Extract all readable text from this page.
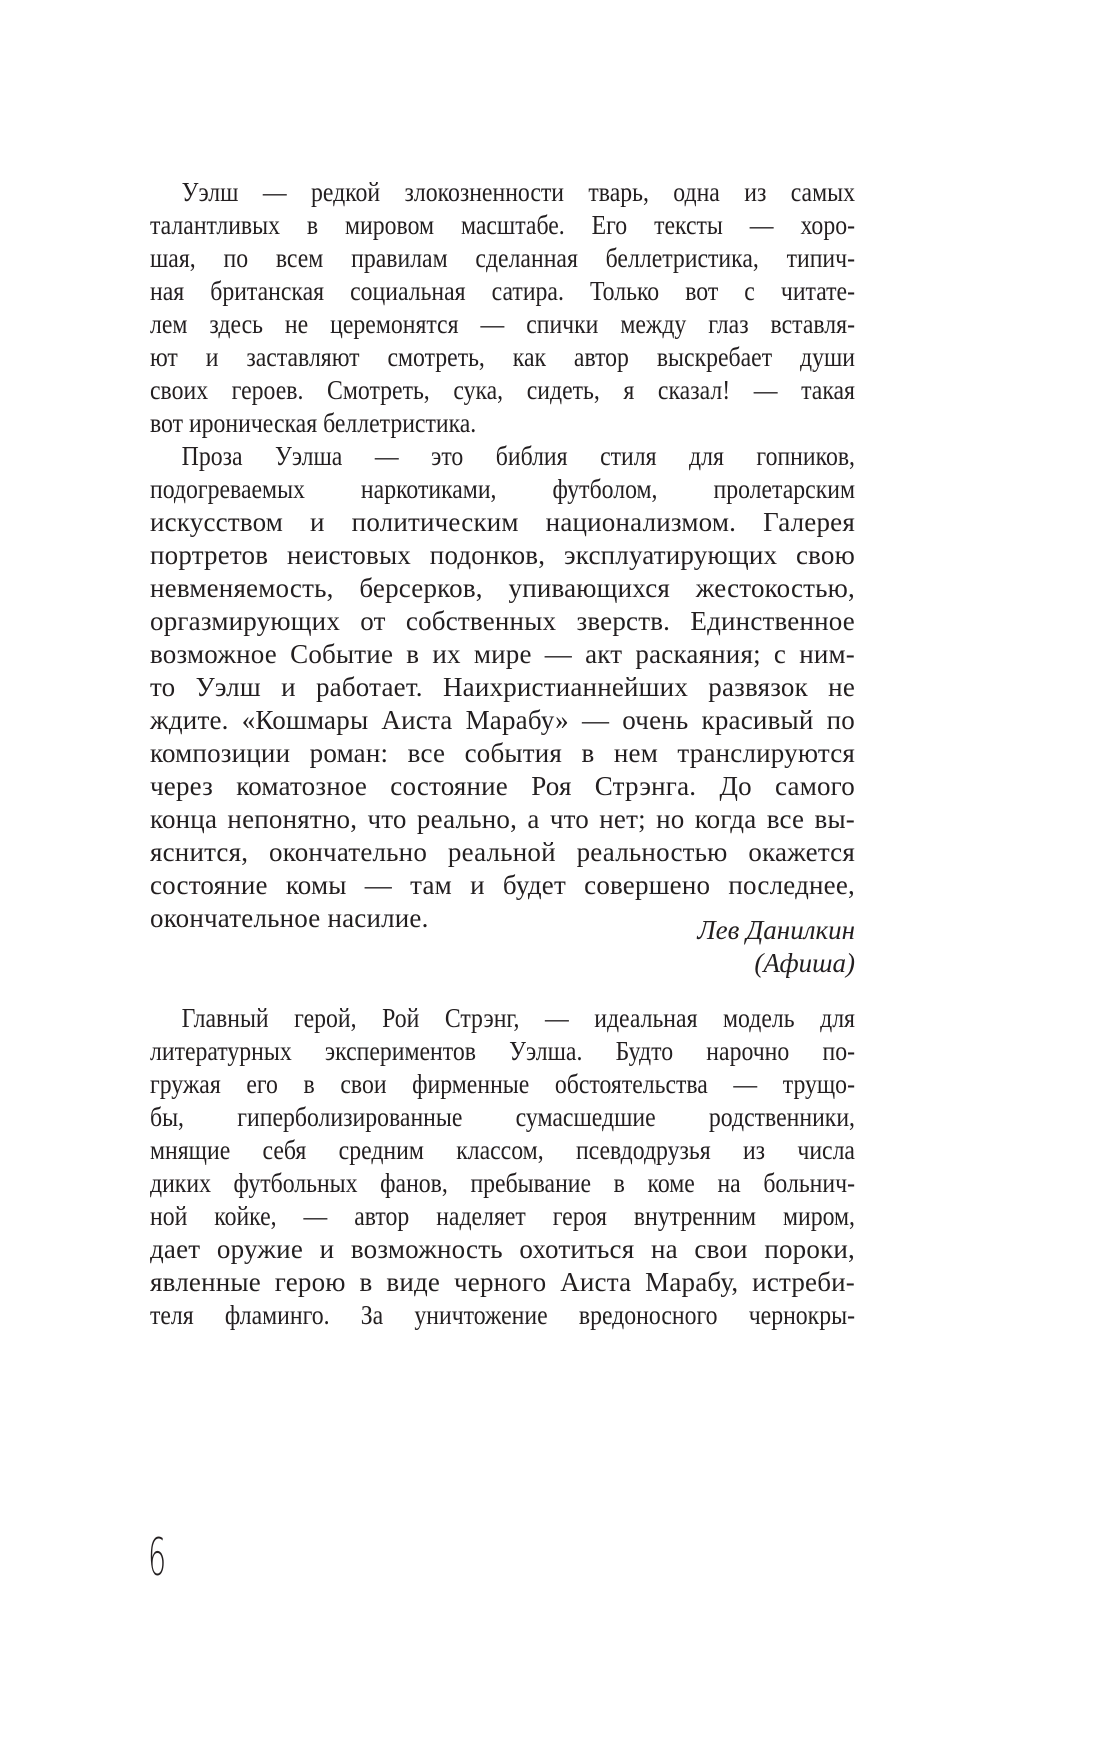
Уэлш — редкой злокозненности тварь, одна из самых
талантливых в мировом масштабе. Его тексты — хоро-
шая, по всем правилам сделанная беллетристика, типич-
ная британская социальная сатира. Только вот с читате-
лем здесь не церемонятся — спички между глаз вставля-
ют и заставляют смотреть, как автор выскребает души
своих героев. Смотреть, сука, сидеть, я сказал! — такая
вот ироническая беллетристика.
Проза Уэлша — это библия стиля для гопников,
подогреваемых наркотиками, футболом, пролетарским
искусством и политическим национализмом. Галерея
портретов неистовых подонков, эксплуатирующих свою
невменяемость, берсерков, упивающихся жестокостью,
оргазмирующих от собственных зверств. Единственное
возможное Событие в их мире — акт раскаяния; с ним-
то Уэлш и работает. Наихристианнейших развязок не
ждите. «Кошмары Аиста Марабу» — очень красивый по
композиции роман: все события в нем транслируются
через коматозное состояние Роя Стрэнга. До самого
конца непонятно, что реально, а что нет; но когда все вы-
яснится, окончательно реальной реальностью окажется
состояние комы — там и будет совершено последнее,
окончательное насилие.	Лев Данилкин
(Афиша)
Главный герой, Рой Стрэнг, — идеальная модель для
литературных экспериментов Уэлша. Будто нарочно по-
гружая его в свои фирменные обстоятельства — трущо-
бы, гиперболизированные сумасшедшие родственники,
мнящие себя средним классом, псевдодрузья из числа
диких футбольных фанов, пребывание в коме на больнич-
ной койке, — автор наделяет героя внутренним миром,
дает оружие и возможность охотиться на свои пороки,
явленные герою в виде черного Аиста Марабу, истреби-
теля фламинго. За уничтожение вредоносного чернокры-
6
